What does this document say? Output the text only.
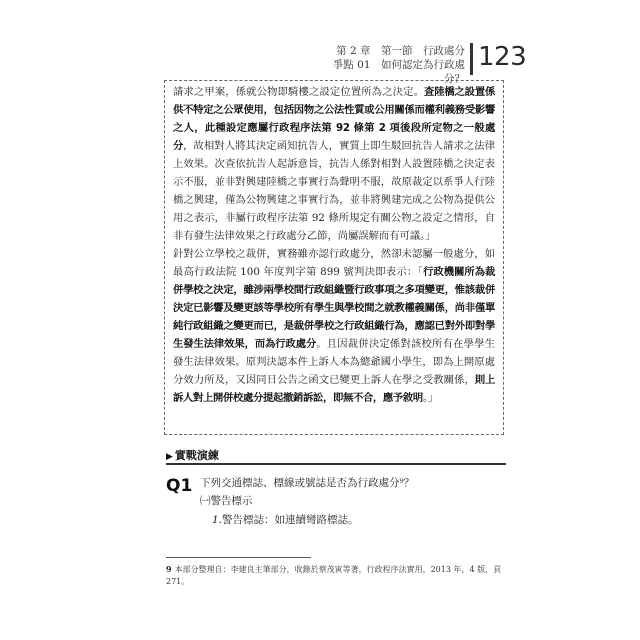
第 2 章　第一節　行政處分
爭點 01　如何認定為行政處分？
123

請求之甲案，係就公物即騎樓之設定位置所為之決定。查陸橋之設置係供不特定之公眾使用，包括因物之公法性質或公用關係而權利義務受影響之人，此種設定應屬行政程序法第 92 條第 2 項後段所定物之一般處分，故相對人將其決定函知抗告人，實質上即生駁回抗告人請求之法律上效果。次查依抗告人起訴意旨，抗告人係對相對人設置陸橋之決定表示不服，並非對興建陸橋之事實行為聲明不服，故原裁定以系爭人行陸橋之興建，僅為公物興建之事實行為，並非將興建完成之公物為提供公用之表示，非屬行政程序法第 92 條所規定有關公物之設定之情形，自非有發生法律效果之行政處分乙節，尚屬誤解而有可議。」

針對公立學校之裁併，實務雖亦認行政處分，然卻未認屬一般處分，如最高行政法院 100 年度判字第 899 號判決即表示：「行政機關所為裁併學校之決定，雖涉兩學校間行政組織暨行政事項之多項變更，惟該裁併決定已影響及變更該等學校所有學生與學校間之就教權義關係，尚非僅單純行政組織之變更而已，是裁併學校之行政組織行為，應認已對外即對學生發生法律效果，而為行政處分。且因裁併決定係對該校所有在學學生發生法律效果。原判決認本件上訴人本為總爺國小學生，即為上開原處分效力所及，又因同日公告之函文已變更上訴人在學之受教關係，則上訴人對上開併校處分提起撤銷訴訟，即無不合，應予敘明。」

▶ 實戰演練
Q1 下列交通標誌、標線或號誌是否為行政處分⁹？
㈠警告標示
1.警告標誌：如連續彎路標誌。
9 本部分整理自：李建良主筆部分，收錄於蔡茂寅等著，行政程序法實用，2013 年，4 版，頁 271。
